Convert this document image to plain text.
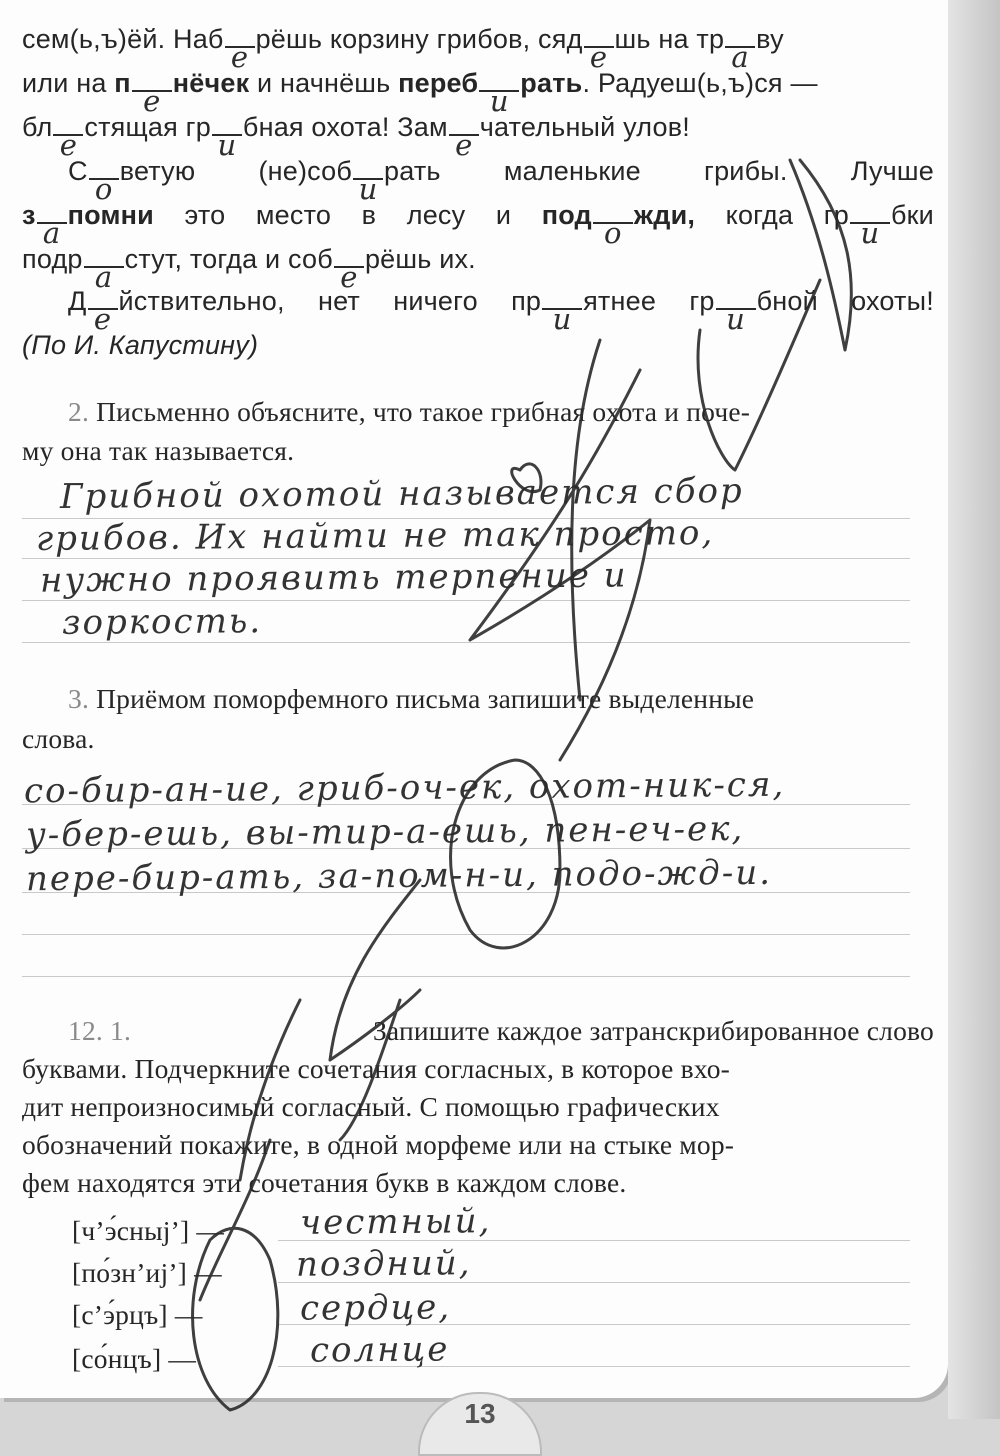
сем(ь,ъ)ёй. Наб
е
рёшь корзину грибов, сяд
е
шь на тр
а
ву
или на п
е
нёчек и начнёшь переб
и
рать. Радуеш(ь,ъ)ся —
бл
е
стящая гр
и
бная охота! Зам
е
чательный улов!
С
о
ветую (не)соб
и
рать маленькие грибы. Лучше
з
а
помни это место в лесу и под
о
жди, когда гр
и
бки
подр
а
стут, тогда и соб
е
рёшь их.
Д
е
йствительно, нет ничего пр
и
ятнее гр
и
бной охоты!
(По И. Капустину)
2. Письменно объясните, что такое грибная охота и поче-
му она так называется.
Грибной охотой называется сбор
грибов. Их найти не так просто,
нужно проявить терпение и
зоркость.
3. Приёмом поморфемного письма запишите выделенные
слова.
со-бир-ан-ие, гриб-оч-ек, охот-ник-ся,
у-бер-ешь, вы-тир-а-ешь, пен-еч-ек,
пере-бир-ать, за-пом-н-и, подо-жд-и.
12. 1.	Запишите каждое затранскрибированное слово
буквами. Подчеркните сочетания согласных, в которое вхо-
дит непроизносимый согласный. С помощью графических
обозначений покажите, в одной морфеме или на стыке мор-
фем находятся эти сочетания букв в каждом слове.
[ч’э́сныj’] —
[по́зн’иj’] —
[с’э́рцъ] —
[со́нцъ] —
честный,
поздний,
сердце,
солнце
13
